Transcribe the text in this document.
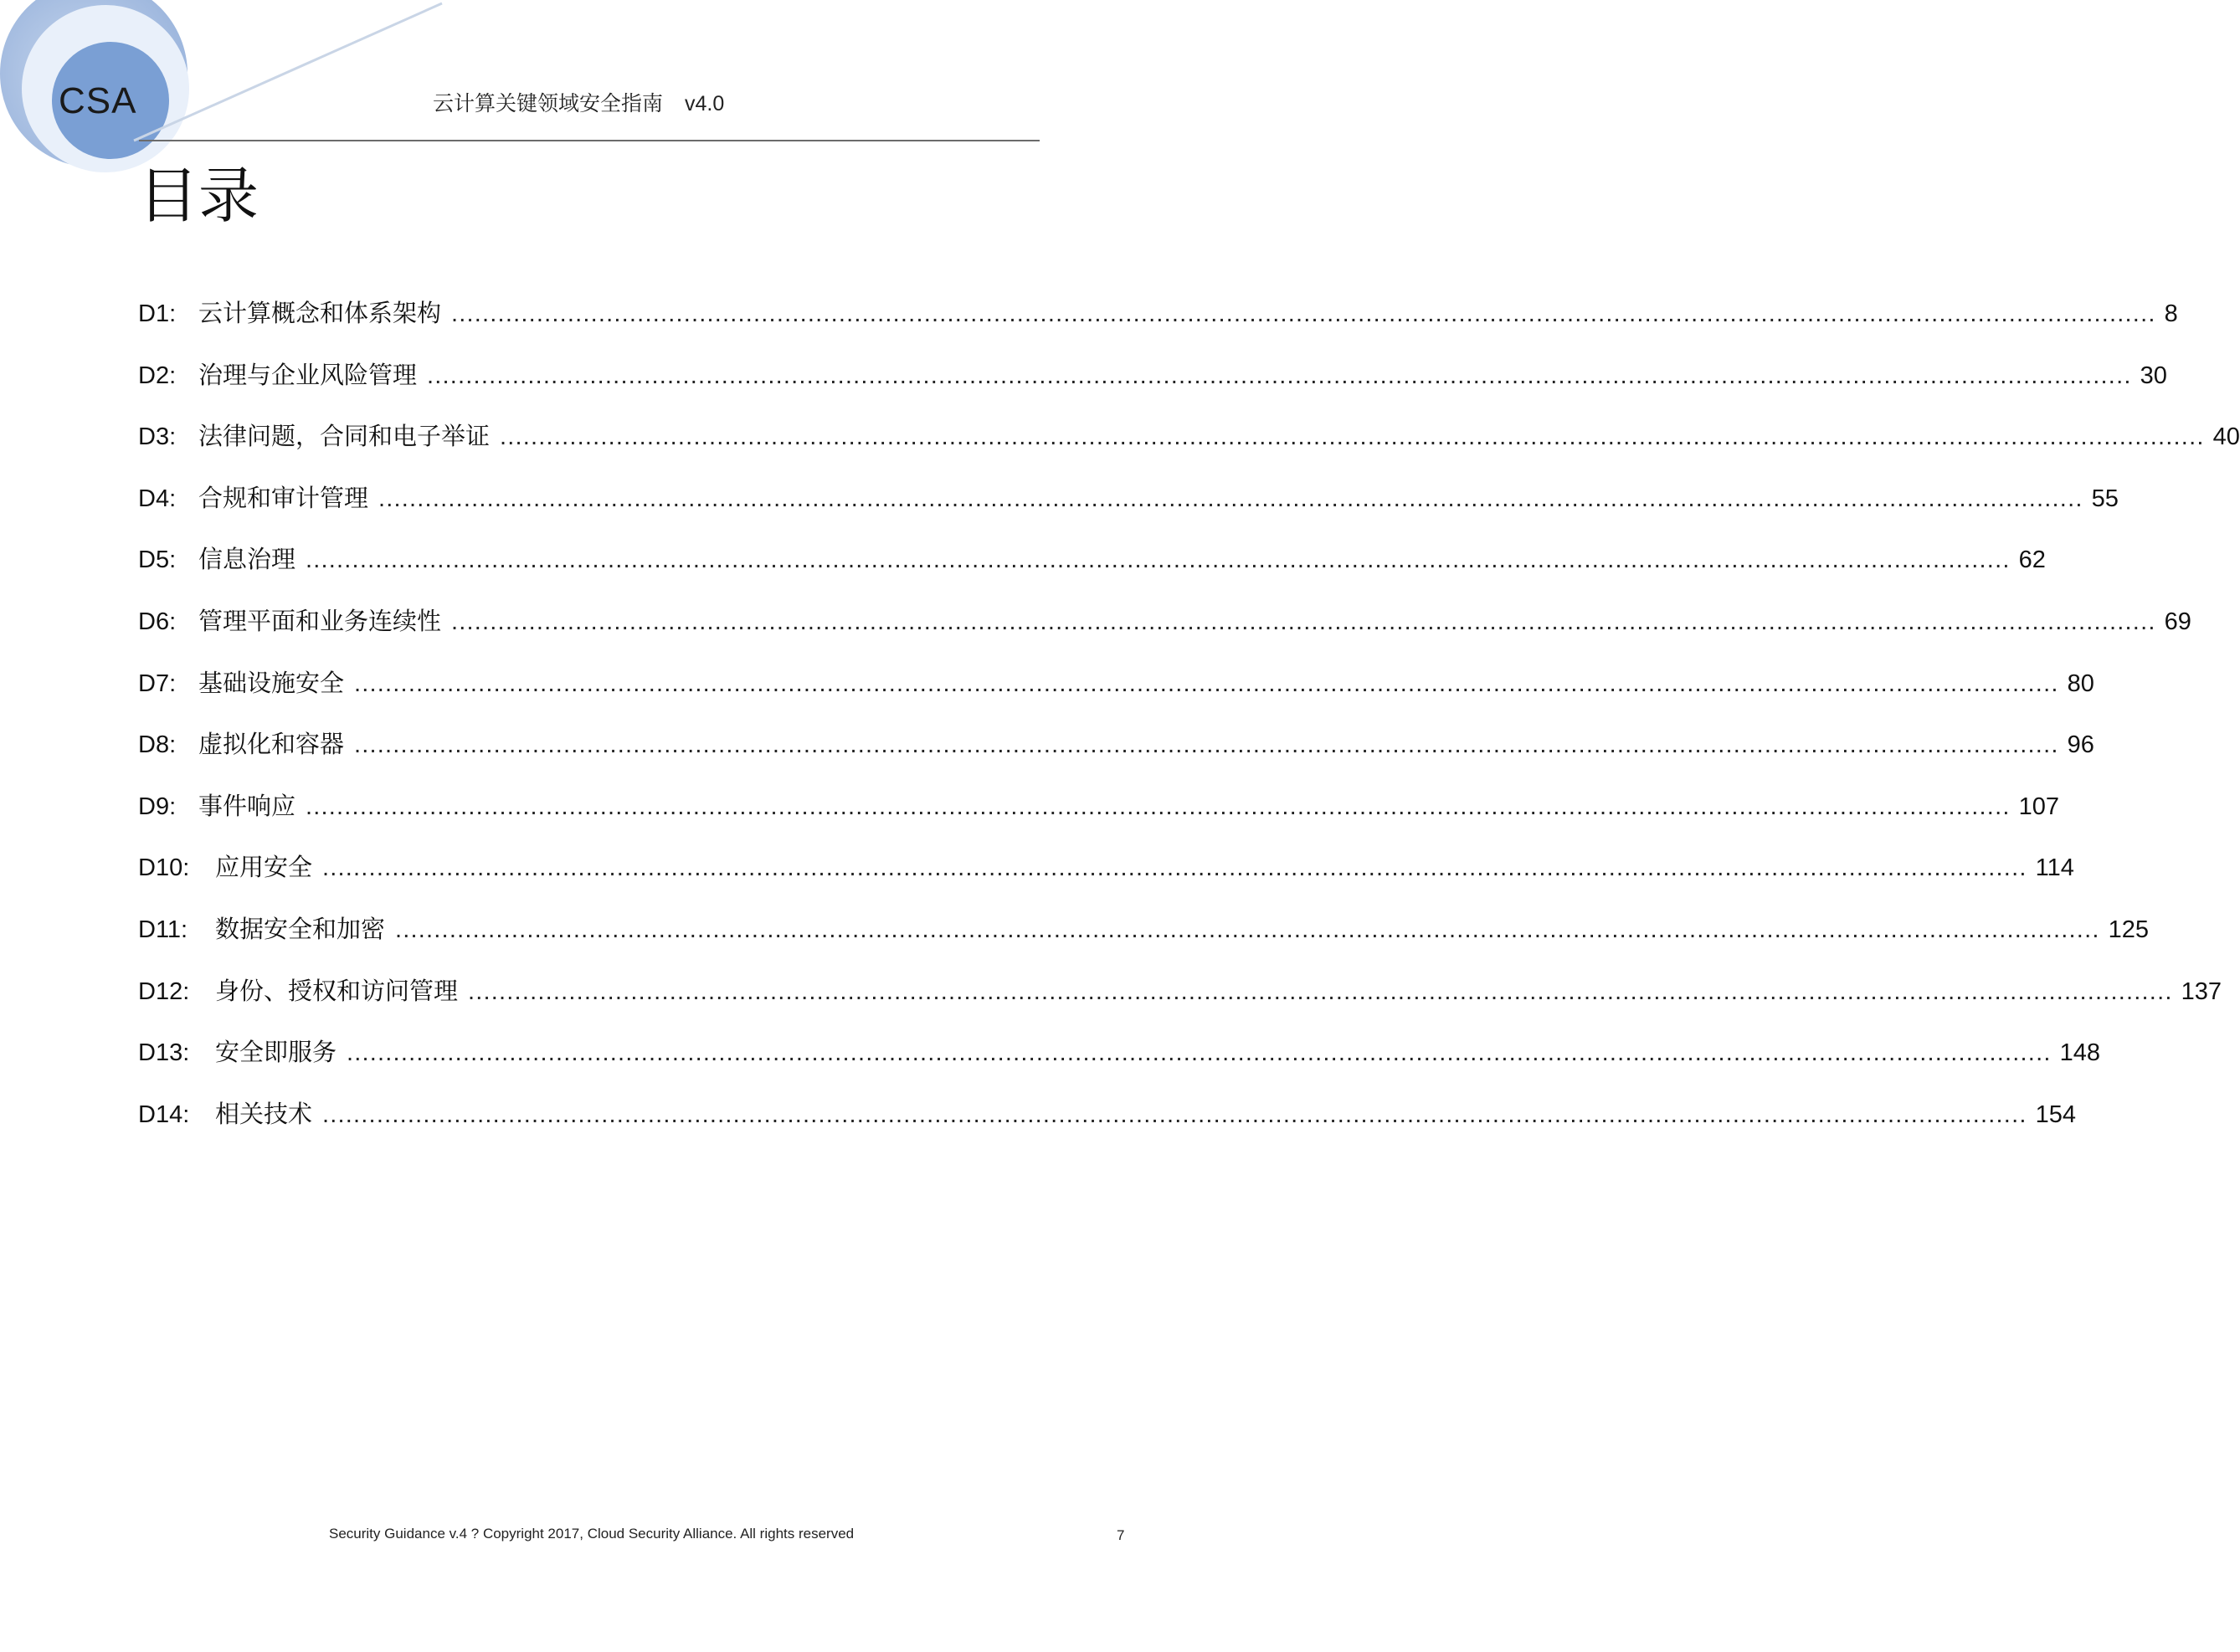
CSA	云计算关键领域安全指南 v4.0
目录
D1: 云计算概念和体系架构 ............................................................................................................................................................................................................................ 8
D2: 治理与企业风险管理 ............................................................................................................................................................................................................................ 30
D3: 法律问题，合同和电子举证 ............................................................................................................................................................................................................................ 40
D4: 合规和审计管理 ............................................................................................................................................................................................................................ 55
D5: 信息治理 ............................................................................................................................................................................................................................ 62
D6: 管理平面和业务连续性 ............................................................................................................................................................................................................................ 69
D7: 基础设施安全 ............................................................................................................................................................................................................................ 80
D8: 虚拟化和容器 ............................................................................................................................................................................................................................ 96
D9: 事件响应 ............................................................................................................................................................................................................................ 107
D10:	应用安全 ............................................................................................................................................................................................................................ 114
D11:	数据安全和加密 ............................................................................................................................................................................................................................ 125
D12:	身份、授权和访问管理 ............................................................................................................................................................................................................................ 137
D13:	安全即服务 ............................................................................................................................................................................................................................ 148
D14:	相关技术 ............................................................................................................................................................................................................................ 154
Security Guidance v.4 ? Copyright 2017, Cloud Security Alliance. All rights reserved	7
